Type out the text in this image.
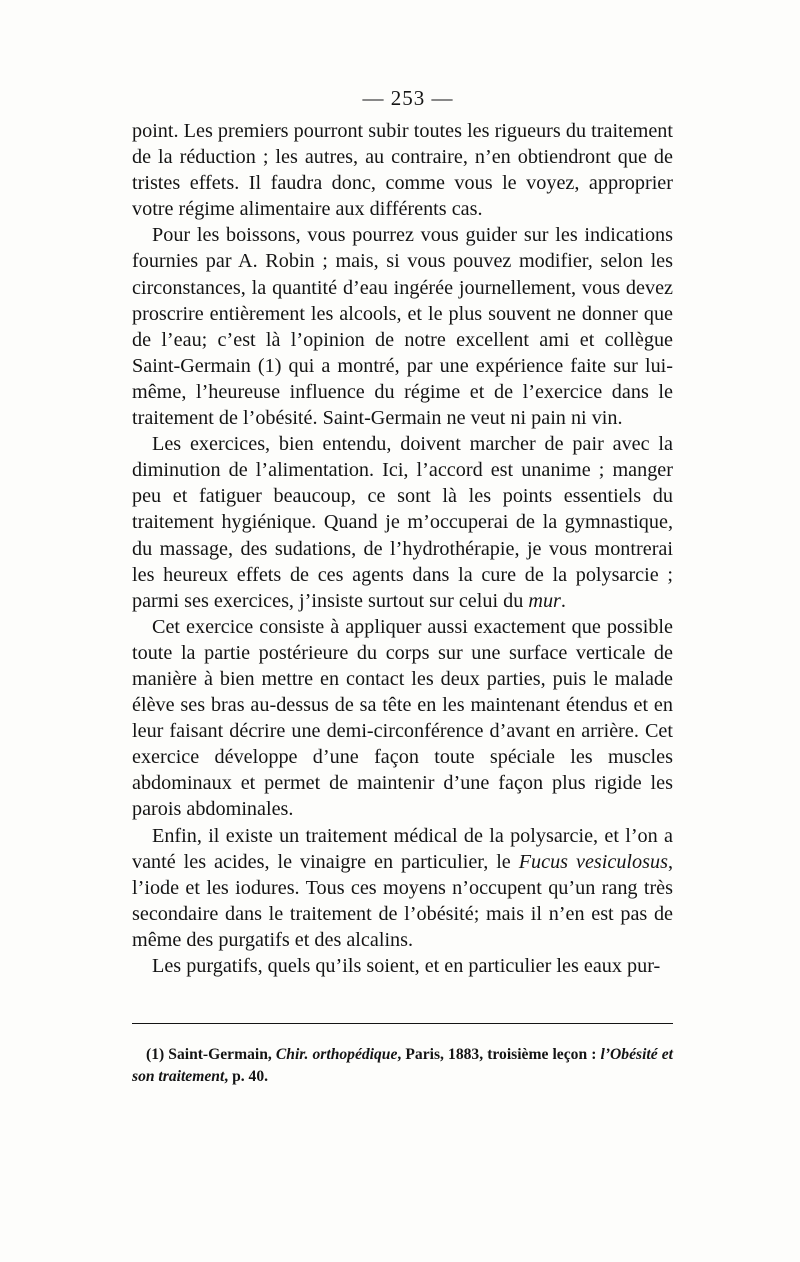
— 253 —

point. Les premiers pourront subir toutes les rigueurs du traitement de la réduction ; les autres, au contraire, n’en obtiendront que de tristes effets. Il faudra donc, comme vous le voyez, approprier votre régime alimentaire aux différents cas.

Pour les boissons, vous pourrez vous guider sur les indications fournies par A. Robin ; mais, si vous pouvez modifier, selon les circonstances, la quantité d’eau ingérée journellement, vous devez proscrire entièrement les alcools, et le plus souvent ne donner que de l’eau; c’est là l’opinion de notre excellent ami et collègue Saint-Germain (1) qui a montré, par une expérience faite sur lui-même, l’heureuse influence du régime et de l’exercice dans le traitement de l’obésité. Saint-Germain ne veut ni pain ni vin.

Les exercices, bien entendu, doivent marcher de pair avec la diminution de l’alimentation. Ici, l’accord est unanime ; manger peu et fatiguer beaucoup, ce sont là les points essentiels du traitement hygiénique. Quand je m’occuperai de la gymnastique, du massage, des sudations, de l’hydrothérapie, je vous montrerai les heureux effets de ces agents dans la cure de la polysarcie ; parmi ses exercices, j’insiste surtout sur celui du mur.

Cet exercice consiste à appliquer aussi exactement que possible toute la partie postérieure du corps sur une surface verticale de manière à bien mettre en contact les deux parties, puis le malade élève ses bras au-dessus de sa tête en les maintenant étendus et en leur faisant décrire une demi-circonférence d’avant en arrière. Cet exercice développe d’une façon toute spéciale les muscles abdominaux et permet de maintenir d’une façon plus rigide les parois abdominales.

Enfin, il existe un traitement médical de la polysarcie, et l’on a vanté les acides, le vinaigre en particulier, le Fucus vesiculosus, l’iode et les iodures. Tous ces moyens n’occupent qu’un rang très secondaire dans le traitement de l’obésité; mais il n’en est pas de même des purgatifs et des alcalins.

Les purgatifs, quels qu’ils soient, et en particulier les eaux pur-

(1) Saint-Germain, Chir. orthopédique, Paris, 1883, troisième leçon : l’Obésité et son traitement, p. 40.
